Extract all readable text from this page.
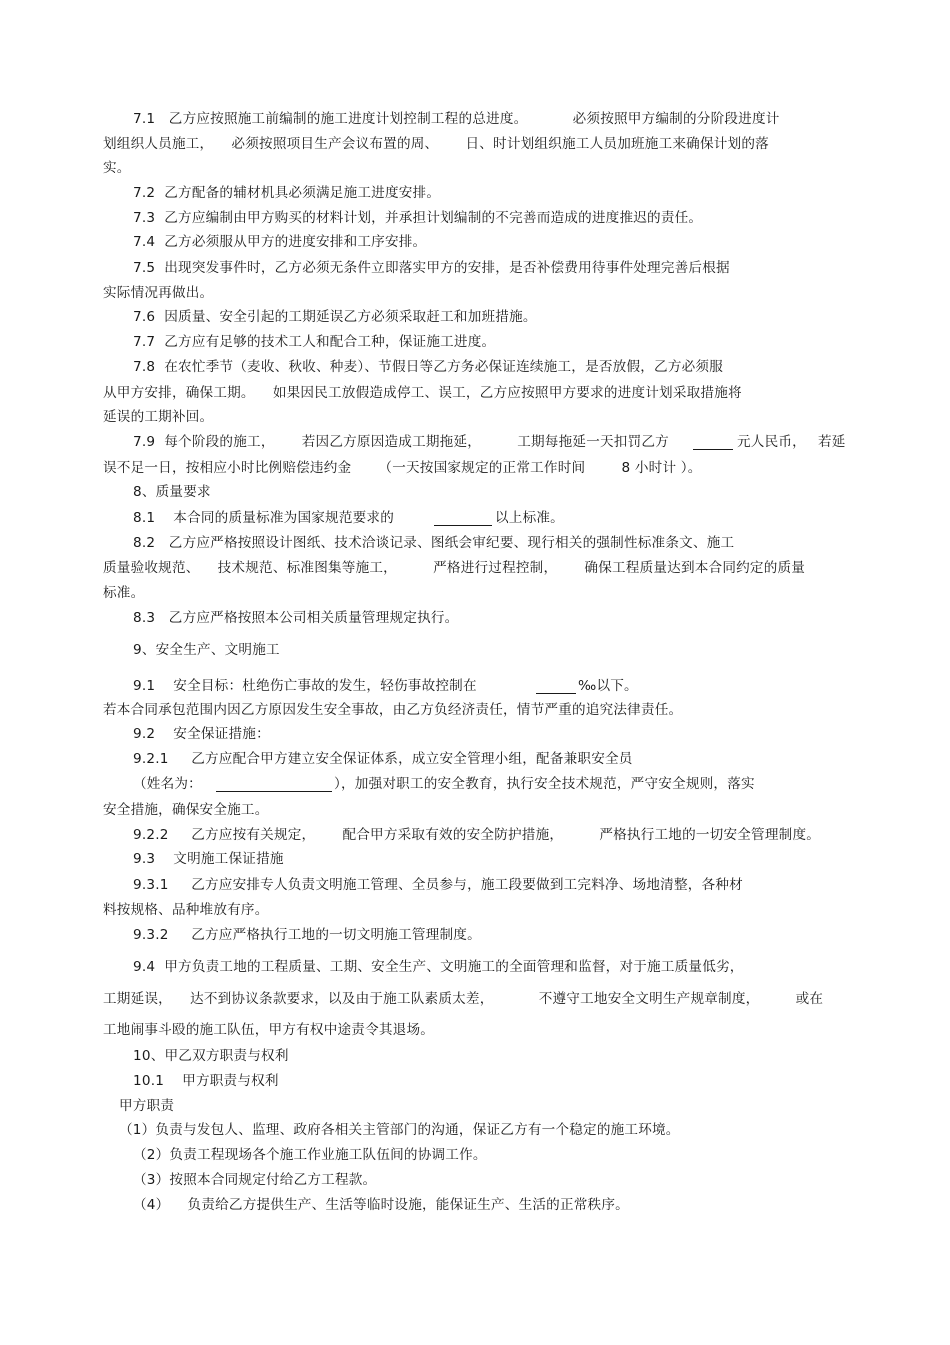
7.1   乙方应按照施工前编制的施工进度计划控制工程的总进度。          必须按照甲方编制的分阶段进度计
划组织人员施工，    必须按照项目生产会议布置的周、      日、时计划组织施工人员加班施工来确保计划的落
实。
7.2  乙方配备的辅材机具必须满足施工进度安排。
7.3  乙方应编制由甲方购买的材料计划，并承担计划编制的不完善而造成的进度推迟的责任。
7.4  乙方必须服从甲方的进度安排和工序安排。
7.5  出现突发事件时，乙方必须无条件立即落实甲方的安排，是否补偿费用待事件处理完善后根据
实际情况再做出。
7.6  因质量、安全引起的工期延误乙方必须采取赶工和加班措施。
7.7  乙方应有足够的技术工人和配合工种，保证施工进度。
7.8  在农忙季节（麦收、秋收、种麦）、节假日等乙方务必保证连续施工，是否放假，乙方必须服
从甲方安排，确保工期。    如果因民工放假造成停工、误工，乙方应按照甲方要求的进度计划采取措施将
延误的工期补回。
7.9  每个阶段的施工，      若因乙方原因造成工期拖延，        工期每拖延一天扣罚乙方	元人民币， 若延
误不足一日，按相应小时比例赔偿违约金      （一天按国家规定的正常工作时间        8 小时计 ）。
8、质量要求
8.1    本合同的质量标准为国家规范要求的	以上标准。
8.2   乙方应严格按照设计图纸、技术洽谈记录、图纸会审纪要、现行相关的强制性标准条文、施工
质量验收规范、    技术规范、标准图集等施工，        严格进行过程控制，      确保工程质量达到本合同约定的质量
标准。
8.3   乙方应严格按照本公司相关质量管理规定执行。
9、安全生产、文明施工
9.1    安全目标：杜绝伤亡事故的发生，轻伤事故控制在	‰以下。
若本合同承包范围内因乙方原因发生安全事故，由乙方负经济责任，情节严重的追究法律责任。
9.2    安全保证措施：
9.2.1     乙方应配合甲方建立安全保证体系，成立安全管理小组，配备兼职安全员
（姓名为：	），加强对职工的安全教育，执行安全技术规范，严守安全规则，落实
安全措施，确保安全施工。
9.2.2     乙方应按有关规定，      配合甲方采取有效的安全防护措施，        严格执行工地的一切安全管理制度。
9.3    文明施工保证措施
9.3.1     乙方应安排专人负责文明施工管理、全员参与，施工段要做到工完料净、场地清整，各种材
料按规格、品种堆放有序。
9.3.2     乙方应严格执行工地的一切文明施工管理制度。
9.4  甲方负责工地的工程质量、工期、安全生产、文明施工的全面管理和监督，对于施工质量低劣，
工期延误，    达不到协议条款要求，以及由于施工队素质太差，          不遵守工地安全文明生产规章制度，        或在
工地闹事斗殴的施工队伍，甲方有权中途责令其退场。
10、甲乙双方职责与权利
10.1    甲方职责与权利
甲方职责
（1）负责与发包人、监理、政府各相关主管部门的沟通，保证乙方有一个稳定的施工环境。
（2）负责工程现场各个施工作业施工队伍间的协调工作。
（3）按照本合同规定付给乙方工程款。
（4）    负责给乙方提供生产、生活等临时设施，能保证生产、生活的正常秩序。
